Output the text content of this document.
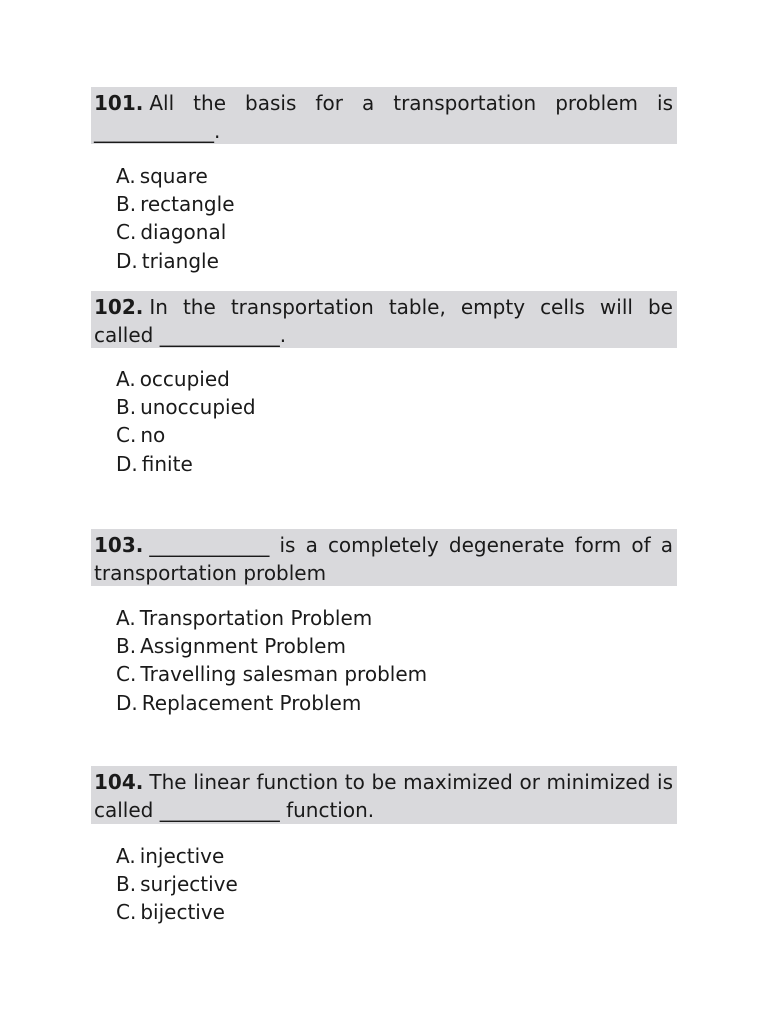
101. All the basis for a transportation problem is ____________.
A. square
B. rectangle
C. diagonal
D. triangle
102. In the transportation table, empty cells will be called ____________.
A. occupied
B. unoccupied
C. no
D. finite
103. ____________ is a completely degenerate form of a transportation problem
A. Transportation Problem
B. Assignment Problem
C. Travelling salesman problem
D. Replacement Problem
104. The linear function to be maximized or minimized is called ____________ function.
A. injective
B. surjective
C. bijective
